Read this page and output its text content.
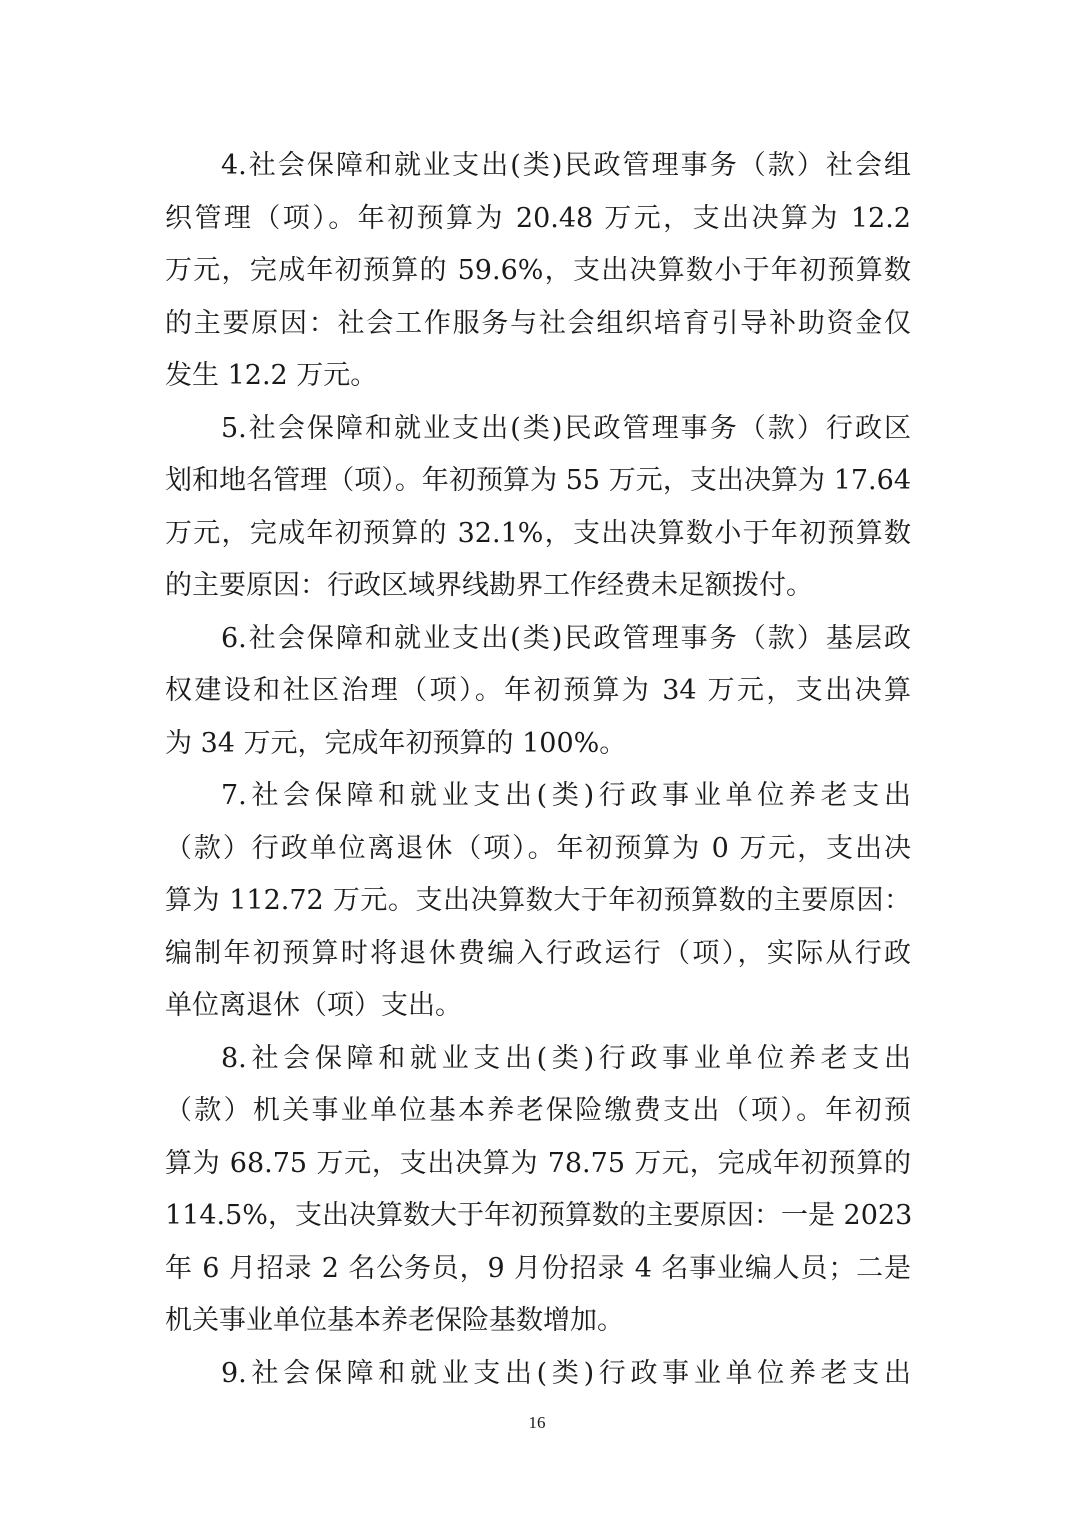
4.社会保障和就业支出(类)民政管理事务（款）社会组
织管理（项）。年初预算为 20.48 万元，支出决算为 12.2
万元，完成年初预算的 59.6%，支出决算数小于年初预算数
的主要原因：社会工作服务与社会组织培育引导补助资金仅
发生 12.2 万元。
5.社会保障和就业支出(类)民政管理事务（款）行政区
划和地名管理（项）。年初预算为 55 万元，支出决算为 17.64
万元，完成年初预算的 32.1%，支出决算数小于年初预算数
的主要原因：行政区域界线勘界工作经费未足额拨付。
6.社会保障和就业支出(类)民政管理事务（款）基层政
权建设和社区治理（项）。年初预算为 34 万元，支出决算
为 34 万元，完成年初预算的 100%。
7.社会保障和就业支出(类)行政事业单位养老支出
（款）行政单位离退休（项）。年初预算为 0 万元，支出决
算为 112.72 万元。支出决算数大于年初预算数的主要原因：
编制年初预算时将退休费编入行政运行（项），实际从行政
单位离退休（项）支出。
8.社会保障和就业支出(类)行政事业单位养老支出
（款）机关事业单位基本养老保险缴费支出（项）。年初预
算为 68.75 万元，支出决算为 78.75 万元，完成年初预算的
114.5%，支出决算数大于年初预算数的主要原因：一是 2023
年 6 月招录 2 名公务员，9 月份招录 4 名事业编人员；二是
机关事业单位基本养老保险基数增加。
9.社会保障和就业支出(类)行政事业单位养老支出
16
